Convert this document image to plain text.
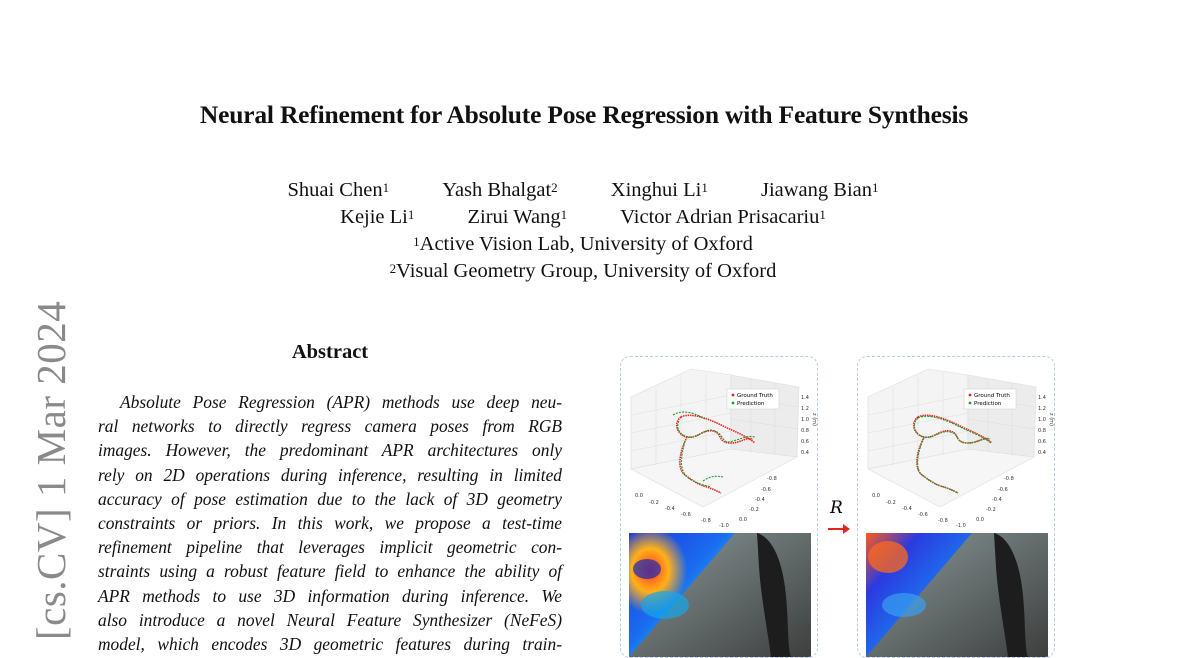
Neural Refinement for Absolute Pose Regression with Feature Synthesis
Shuai Chen$^1$	Yash Bhalgat$^2$	Xinghui Li$^1$	Jiawang Bian$^1$
Kejie Li$^1$	Zirui Wang$^1$	Victor Adrian Prisacariu$^1$
$^1$Active Vision Lab, University of Oxford
$^2$Visual Geometry Group, University of Oxford
[cs.CV] 1 Mar 2024	Abstract
Absolute Pose Regression (APR) methods use deep neu-
ral networks to directly regress camera poses from RGB
images. However, the predominant APR architectures only
rely on 2D operations during inference, resulting in limited
accuracy of pose estimation due to the lack of 3D geometry
constraints or priors. In this work, we propose a test-time
refinement pipeline that leverages implicit geometric con-
straints using a robust feature field to enhance the ability of
APR methods to use 3D information during inference. We
also introduce a novel Neural Feature Synthesizer (NeFeS)
model, which encodes 3D geometric features during train-
Ground Truth
Prediction
1.4
1.2
1.0
0.8
0.6
0.4
z (m)
0.0
-0.2
-0.4
-0.6
-0.8
-1.0
-0.8
-0.6
-0.4
-0.2
0.0
R
Ground Truth
Prediction
1.4
1.2
1.0
0.8
0.6
0.4
z (m)
0.0
-0.2
-0.4
-0.6
-0.8
-1.0
-0.8
-0.6
-0.4
-0.2
0.0
